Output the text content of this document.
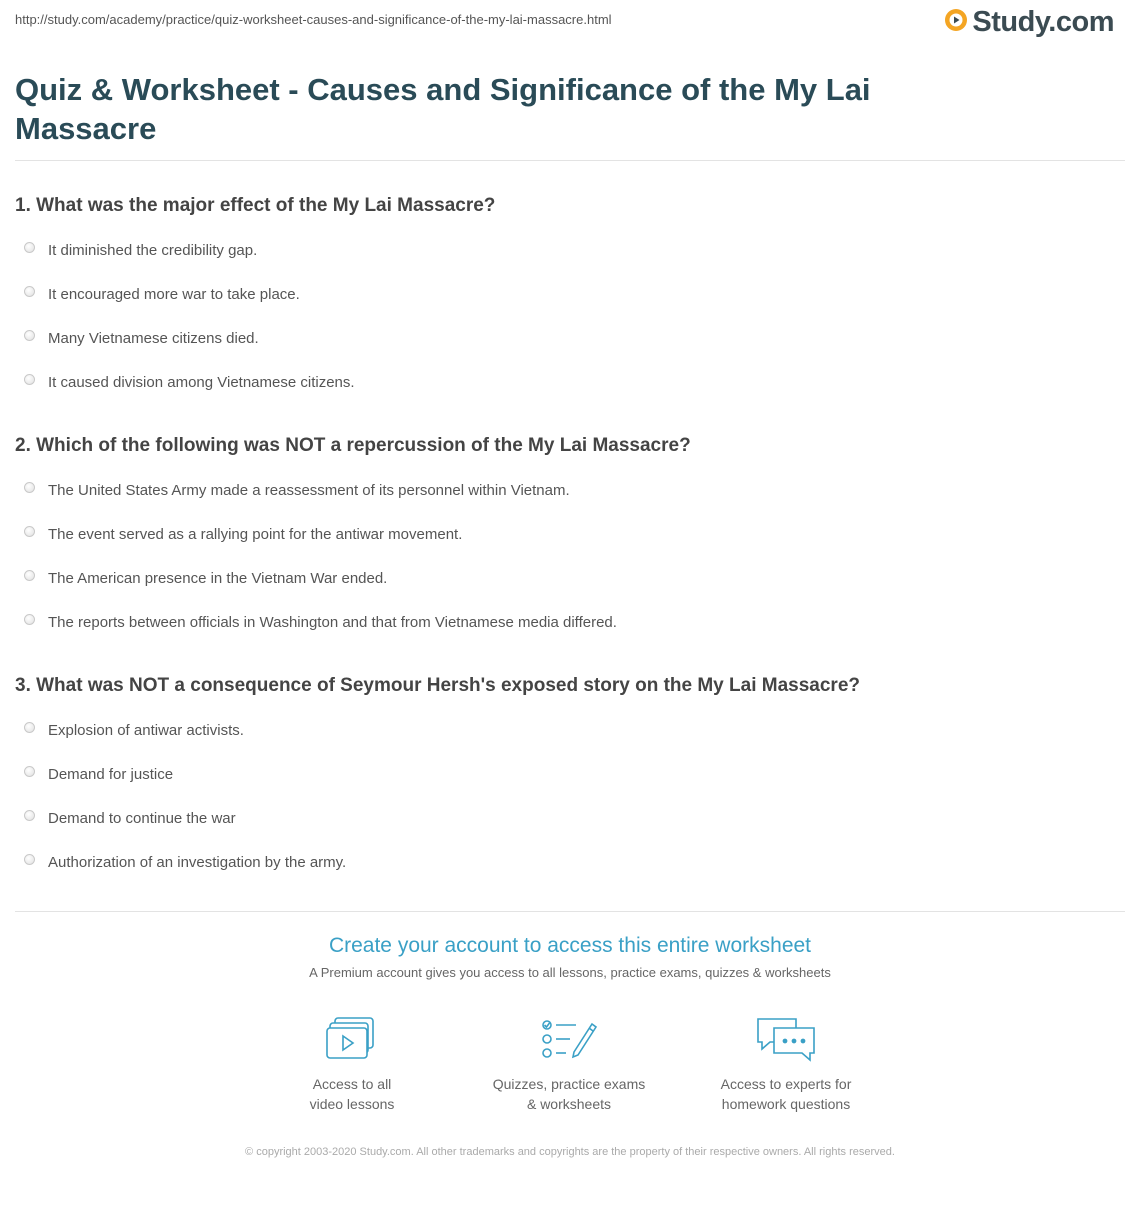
http://study.com/academy/practice/quiz-worksheet-causes-and-significance-of-the-my-lai-massacre.html	Study.com
Quiz & Worksheet - Causes and Significance of the My Lai Massacre

1. What was the major effect of the My Lai Massacre?

It diminished the credibility gap.
It encouraged more war to take place.
Many Vietnamese citizens died.
It caused division among Vietnamese citizens.

2. Which of the following was NOT a repercussion of the My Lai Massacre?

The United States Army made a reassessment of its personnel within Vietnam.
The event served as a rallying point for the antiwar movement.
The American presence in the Vietnam War ended.
The reports between officials in Washington and that from Vietnamese media differed.

3. What was NOT a consequence of Seymour Hersh's exposed story on the My Lai Massacre?

Explosion of antiwar activists.
Demand for justice
Demand to continue the war
Authorization of an investigation by the army.
Create your account to access this entire worksheet
A Premium account gives you access to all lessons, practice exams, quizzes & worksheets
Access to all
video lessons
Quizzes, practice exams
& worksheets
Access to experts for
homework questions
© copyright 2003-2020 Study.com. All other trademarks and copyrights are the property of their respective owners. All rights reserved.
